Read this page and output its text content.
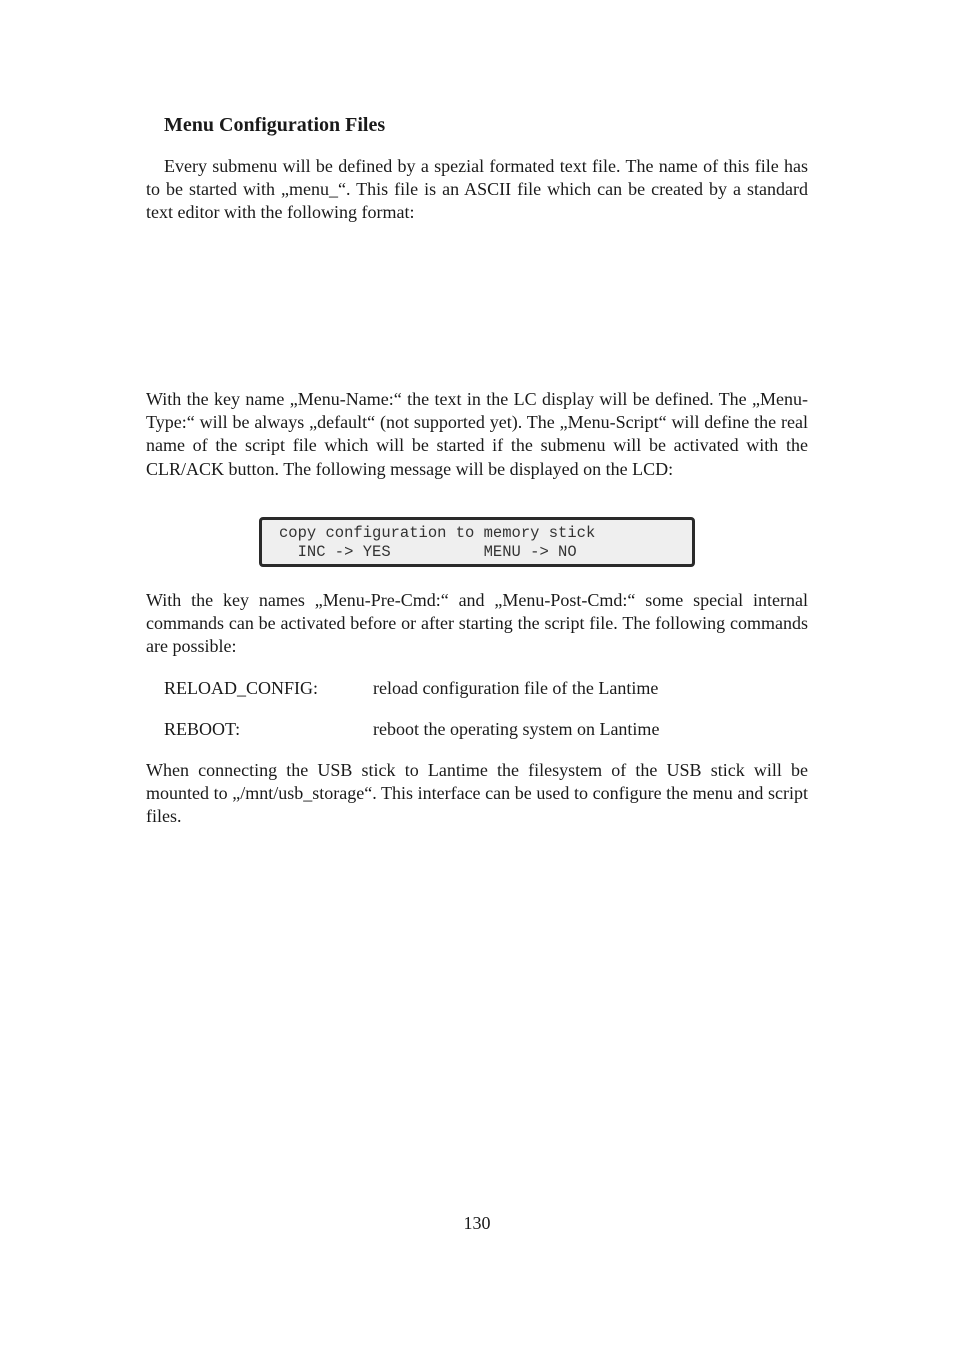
Menu Configuration Files

Every submenu will be defined by a spezial formated text file. The name of this file has to be started with „menu_“. This file is an ASCII file which can be created by a standard text editor with the following format:

With the key name „Menu-Name:“ the text in the LC display will be defined. The „Menu-Type:“ will be always „default“ (not supported yet). The „Menu-Script“ will define the real name of the script file which will be started if the submenu will be activated with the CLR/ACK button. The following message will be displayed on the LCD:

copy configuration to memory stick
INC -> YES          MENU -> NO

With the key names „Menu-Pre-Cmd:“ and „Menu-Post-Cmd:“ some special internal commands can be activated before or after starting the script file. The following commands are possible:

RELOAD_CONFIG:	reload configuration file of the Lantime
REBOOT:	reboot the operating system on Lantime

When connecting the USB stick to Lantime the filesystem of the USB stick will be mounted to „/mnt/usb_storage“. This interface can be used to configure the menu and script files.

130
